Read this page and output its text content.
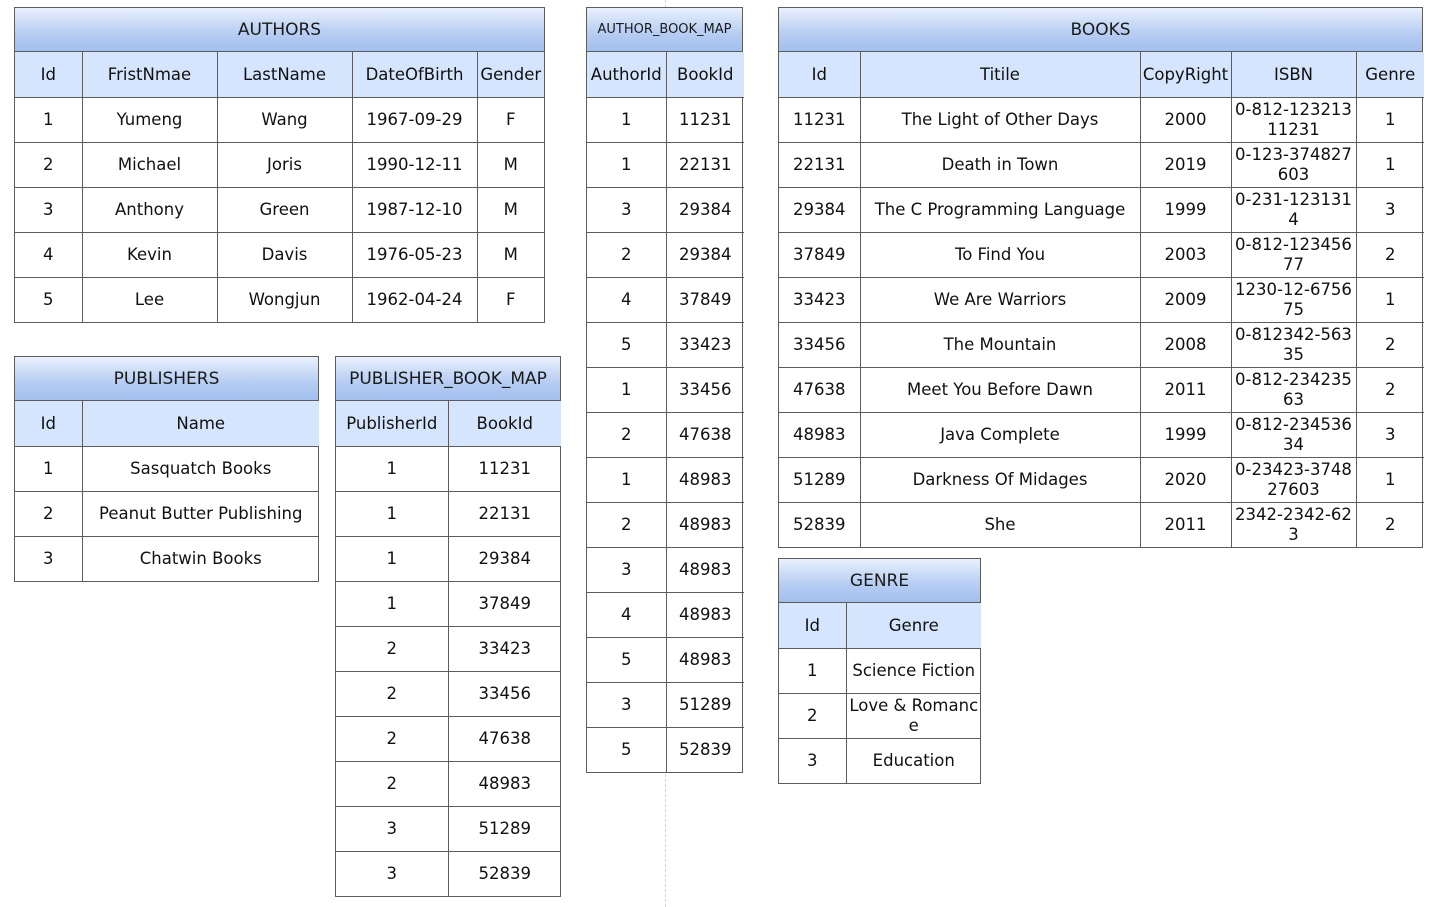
AUTHORS
Id	FristNmae	LastName	DateOfBirth	Gender
1	Yumeng	Wang	1967-09-29	F
2	Michael	Joris	1990-12-11	M
3	Anthony	Green	1987-12-10	M
4	Kevin	Davis	1976-05-23	M
5	Lee	Wongjun	1962-04-24	F
AUTHOR_BOOK_MAP
AuthorId	BookId
1	11231
1	22131
3	29384
2	29384
4	37849
5	33423
1	33456
2	47638
1	48983
2	48983
3	48983
4	48983
5	48983
3	51289
5	52839
BOOKS
Id	Titile	CopyRight	ISBN	Genre
11231	The Light of Other Days	2000	0-812-12321311231	1
22131	Death in Town	2019	0-123-374827603	1
29384	The C Programming Language	1999	0-231-1231314	3
37849	To Find You	2003	0-812-12345677	2
33423	We Are Warriors	2009	1230-12-675675	1
33456	The Mountain	2008	0-812342-56335	2
47638	Meet You Before Dawn	2011	0-812-23423563	2
48983	Java Complete	1999	0-812-23453634	3
51289	Darkness Of Midages	2020	0-23423-374827603	1
52839	She	2011	2342-2342-623	2
PUBLISHERS
Id	Name
1	Sasquatch Books
2	Peanut Butter Publishing
3	Chatwin Books
PUBLISHER_BOOK_MAP
PublisherId	BookId
1	11231
1	22131
1	29384
1	37849
2	33423
2	33456
2	47638
2	48983
3	51289
3	52839
GENRE
Id	Genre
1	Science Fiction
2	Love & Romance
3	Education
